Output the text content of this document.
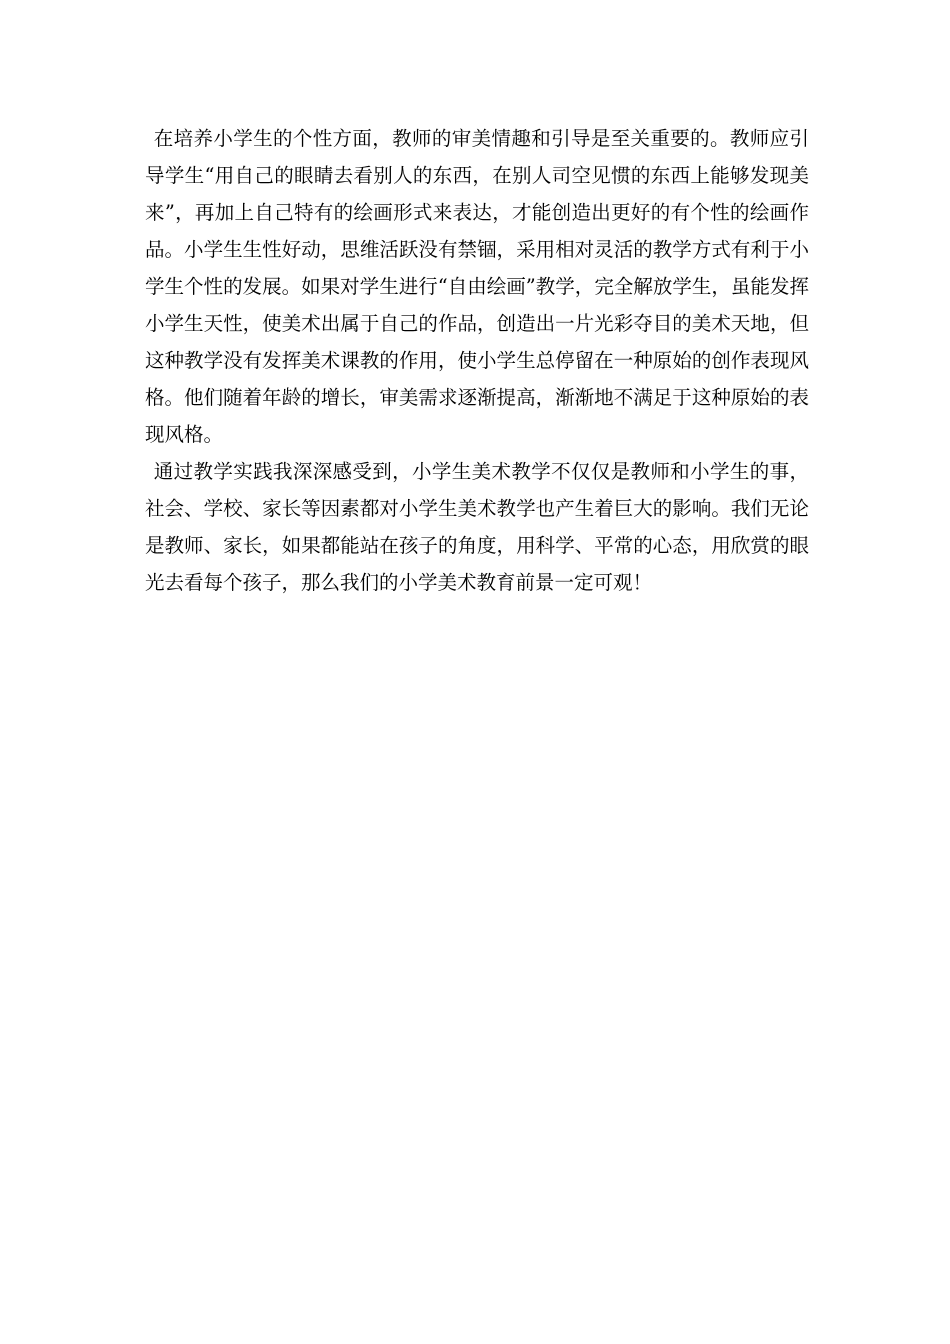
在培养小学生的个性方面，教师的审美情趣和引导是至关重要的。教师应引导学生“用自己的眼睛去看别人的东西，在别人司空见惯的东西上能够发现美来”，再加上自己特有的绘画形式来表达，才能创造出更好的有个性的绘画作品。小学生生性好动，思维活跃没有禁锢，采用相对灵活的教学方式有利于小学生个性的发展。如果对学生进行“自由绘画”教学，完全解放学生，虽能发挥小学生天性，使美术出属于自己的作品，创造出一片光彩夺目的美术天地，但这种教学没有发挥美术课教的作用，使小学生总停留在一种原始的创作表现风格。他们随着年龄的增长，审美需求逐渐提高，渐渐地不满足于这种原始的表现风格。

通过教学实践我深深感受到，小学生美术教学不仅仅是教师和小学生的事，社会、学校、家长等因素都对小学生美术教学也产生着巨大的影响。我们无论是教师、家长，如果都能站在孩子的角度，用科学、平常的心态，用欣赏的眼光去看每个孩子，那么我们的小学美术教育前景一定可观！
